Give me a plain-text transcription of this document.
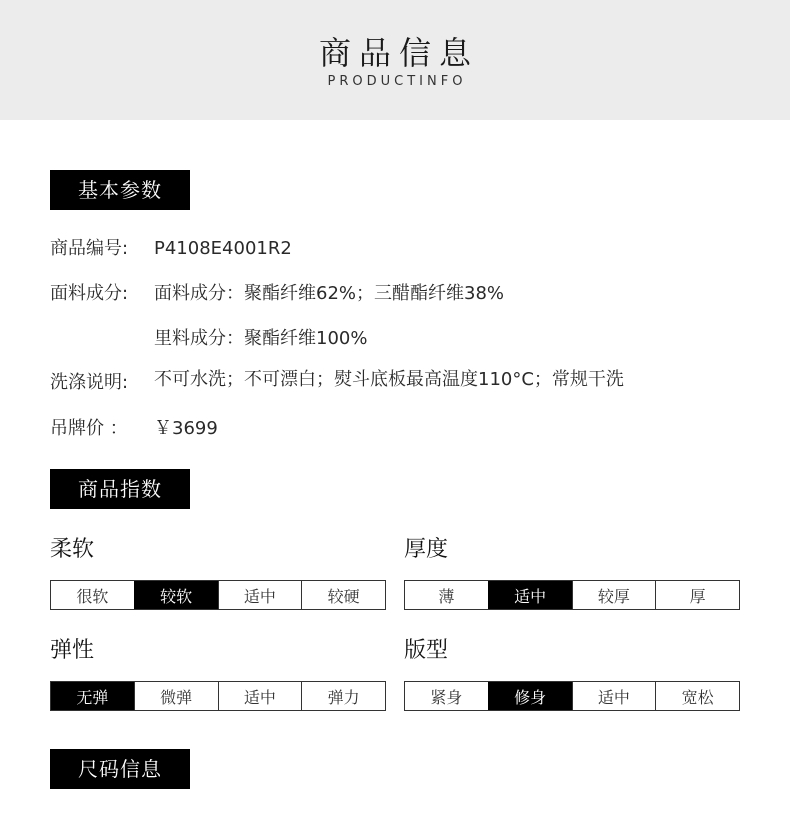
商品信息
PRODUCTINFO
基本参数
商品编号: P4108E4001R2
面料成分: 面料成分：聚酯纤维62%；三醋酯纤维38%
里料成分：聚酯纤维100%
洗涤说明: 不可水洗；不可漂白；熨斗底板最高温度110°C；常规干洗
吊牌价 ： ￥3699
商品指数
柔软
很软	较软	适中	较硬
厚度
薄	适中	较厚	厚
弹性
无弹	微弹	适中	弹力
版型
紧身	修身	适中	宽松
尺码信息
